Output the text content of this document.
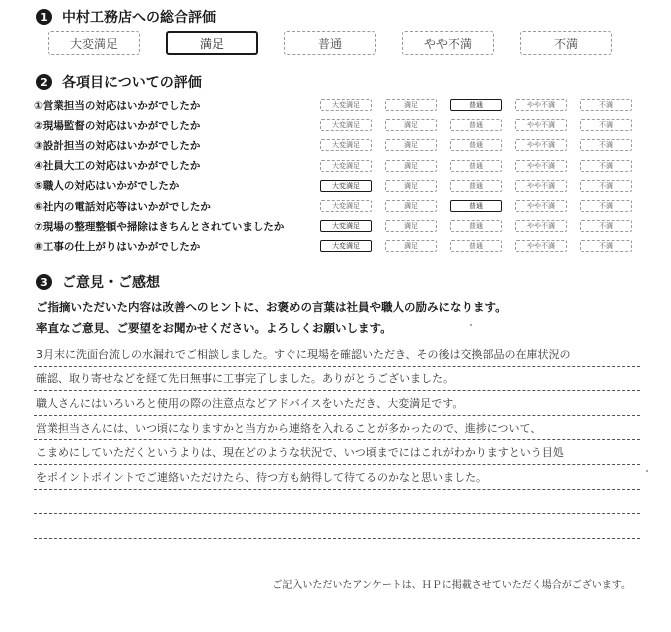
1 中村工務店への総合評価
大変満足	満足	普通	やや不満	不満
2 各項目についての評価
①営業担当の対応はいかがでしたか	大変満足	満足	普通	やや不満	不満
②現場監督の対応はいかがでしたか	大変満足	満足	普通	やや不満	不満
③設計担当の対応はいかがでしたか	大変満足	満足	普通	やや不満	不満
④社員大工の対応はいかがでしたか	大変満足	満足	普通	やや不満	不満
⑤職人の対応はいかがでしたか	大変満足	満足	普通	やや不満	不満
⑥社内の電話対応等はいかがでしたか	大変満足	満足	普通	やや不満	不満
⑦現場の整理整頓や掃除はきちんとされていましたか	大変満足	満足	普通	やや不満	不満
⑧工事の仕上がりはいかがでしたか	大変満足	満足	普通	やや不満	不満
3 ご意見・ご感想
ご指摘いただいた内容は改善へのヒントに、お褒めの言葉は社員や職人の励みになります。
率直なご意見、ご要望をお聞かせください。よろしくお願いします。
3月末に洗面台流しの水漏れでご相談しました。すぐに現場を確認いただき、その後は交換部品の在庫状況の
確認、取り寄せなどを経て先日無事に工事完了しました。ありがとうございました。
職人さんにはいろいろと使用の際の注意点などアドバイスをいただき、大変満足です。
営業担当さんには、いつ頃になりますかと当方から連絡を入れることが多かったので、進捗について、
こまめにしていただくというよりは、現在どのような状況で、いつ頃までにはこれがわかりますという目処
をポイントポイントでご連絡いただけたら、待つ方も納得して待てるのかなと思いました。
ご記入いただいたアンケートは、ＨＰに掲載させていただく場合がございます。
